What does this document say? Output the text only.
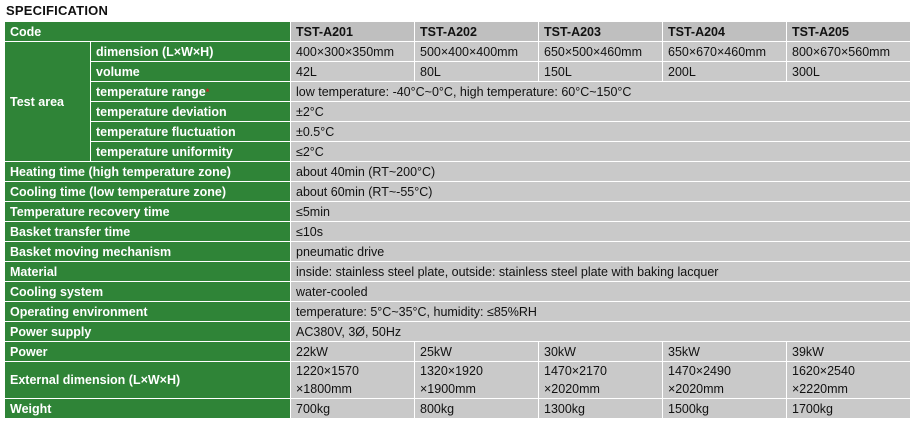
SPECIFICATION
Code		TST-A201	TST-A202	TST-A203	TST-A204	TST-A205
Test area	dimension (L×W×H)	400×300×350mm	500×400×400mm	650×500×460mm	650×670×460mm	800×670×560mm
	volume	42L	80L	150L	200L	300L
	temperature range*	low temperature: -40°C~0°C, high temperature: 60°C~150°C				
	temperature deviation	±2°C				
	temperature fluctuation	±0.5°C				
	temperature uniformity	≤2°C				
Heating time (high temperature zone)		about 40min (RT~200°C)				
Cooling time (low temperature zone)		about 60min (RT~-55°C)				
Temperature recovery time		≤5min				
Basket transfer time		≤10s				
Basket moving mechanism		pneumatic drive				
Material		inside: stainless steel plate, outside: stainless steel plate with baking lacquer				
Cooling system		water-cooled				
Operating environment		temperature: 5°C~35°C, humidity: ≤85%RH				
Power supply		AC380V, 3Ø, 50Hz				
Power		22kW	25kW	30kW	35kW	39kW
External dimension (L×W×H)		1220×1570
×1800mm	1320×1920
×1900mm	1470×2170
×2020mm	1470×2490
×2020mm	1620×2540
×2220mm
Weight		700kg	800kg	1300kg	1500kg	1700kg
